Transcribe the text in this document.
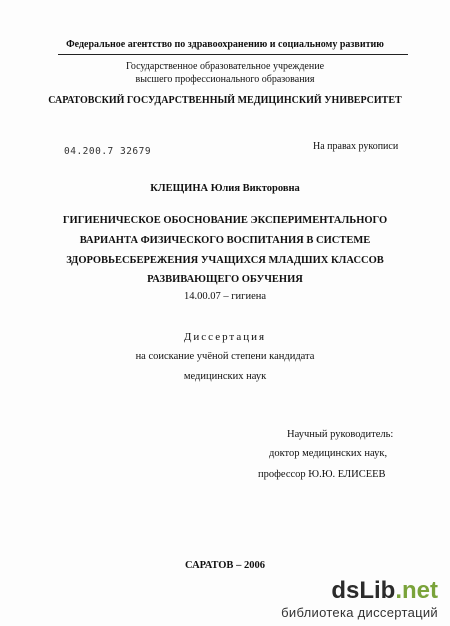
Федеральное агентство по здравоохранению и социальному развитию
Государственное образовательное учреждение
высшего профессионального образования
САРАТОВСКИЙ ГОСУДАРСТВЕННЫЙ МЕДИЦИНСКИЙ УНИВЕРСИТЕТ
04.200.7 32679	На правах рукописи
КЛЕЩИНА Юлия Викторовна
ГИГИЕНИЧЕСКОЕ ОБОСНОВАНИЕ ЭКСПЕРИМЕНТАЛЬНОГО
ВАРИАНТА ФИЗИЧЕСКОГО ВОСПИТАНИЯ В СИСТЕМЕ
ЗДОРОВЬЕСБЕРЕЖЕНИЯ УЧАЩИХСЯ МЛАДШИХ КЛАССОВ
РАЗВИВАЮЩЕГО ОБУЧЕНИЯ
14.00.07 – гигиена
Диссертация
на соискание учёной степени кандидата
медицинских наук
Научный руководитель:
доктор медицинских наук,
профессор Ю.Ю. ЕЛИСЕЕВ
САРАТОВ – 2006
dsLib.net
библиотека диссертаций
